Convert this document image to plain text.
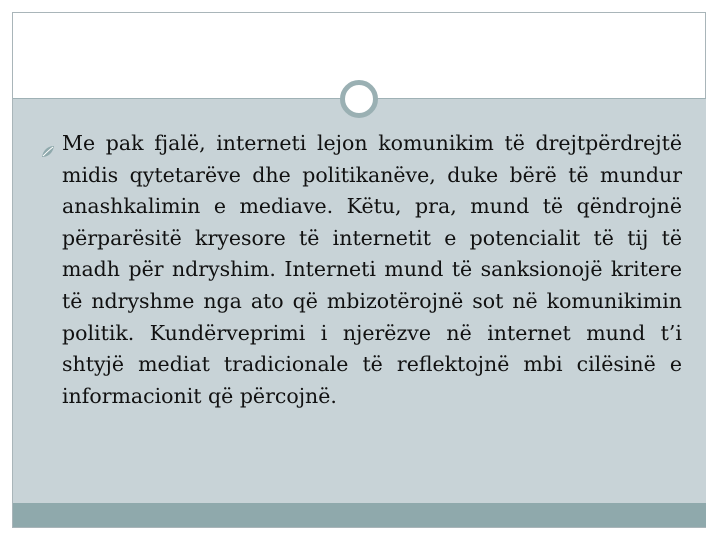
Me pak fjalë, interneti lejon komunikim të drejtpërdrejtë midis qytetarëve dhe politikanëve, duke bërë të mundur anashkalimin e mediave. Këtu, pra, mund të qëndrojnë përparësitë kryesore të internetit e potencialit të tij të madh për ndryshim. Interneti mund të sanksionojë kritere të ndryshme nga ato që mbizotërojnë sot në komunikimin politik. Kundërveprimi i njerëzve në internet mund t’i shtyjë mediat tradicionale të reflektojnë mbi cilësinë e informacionit që përcojnë.
